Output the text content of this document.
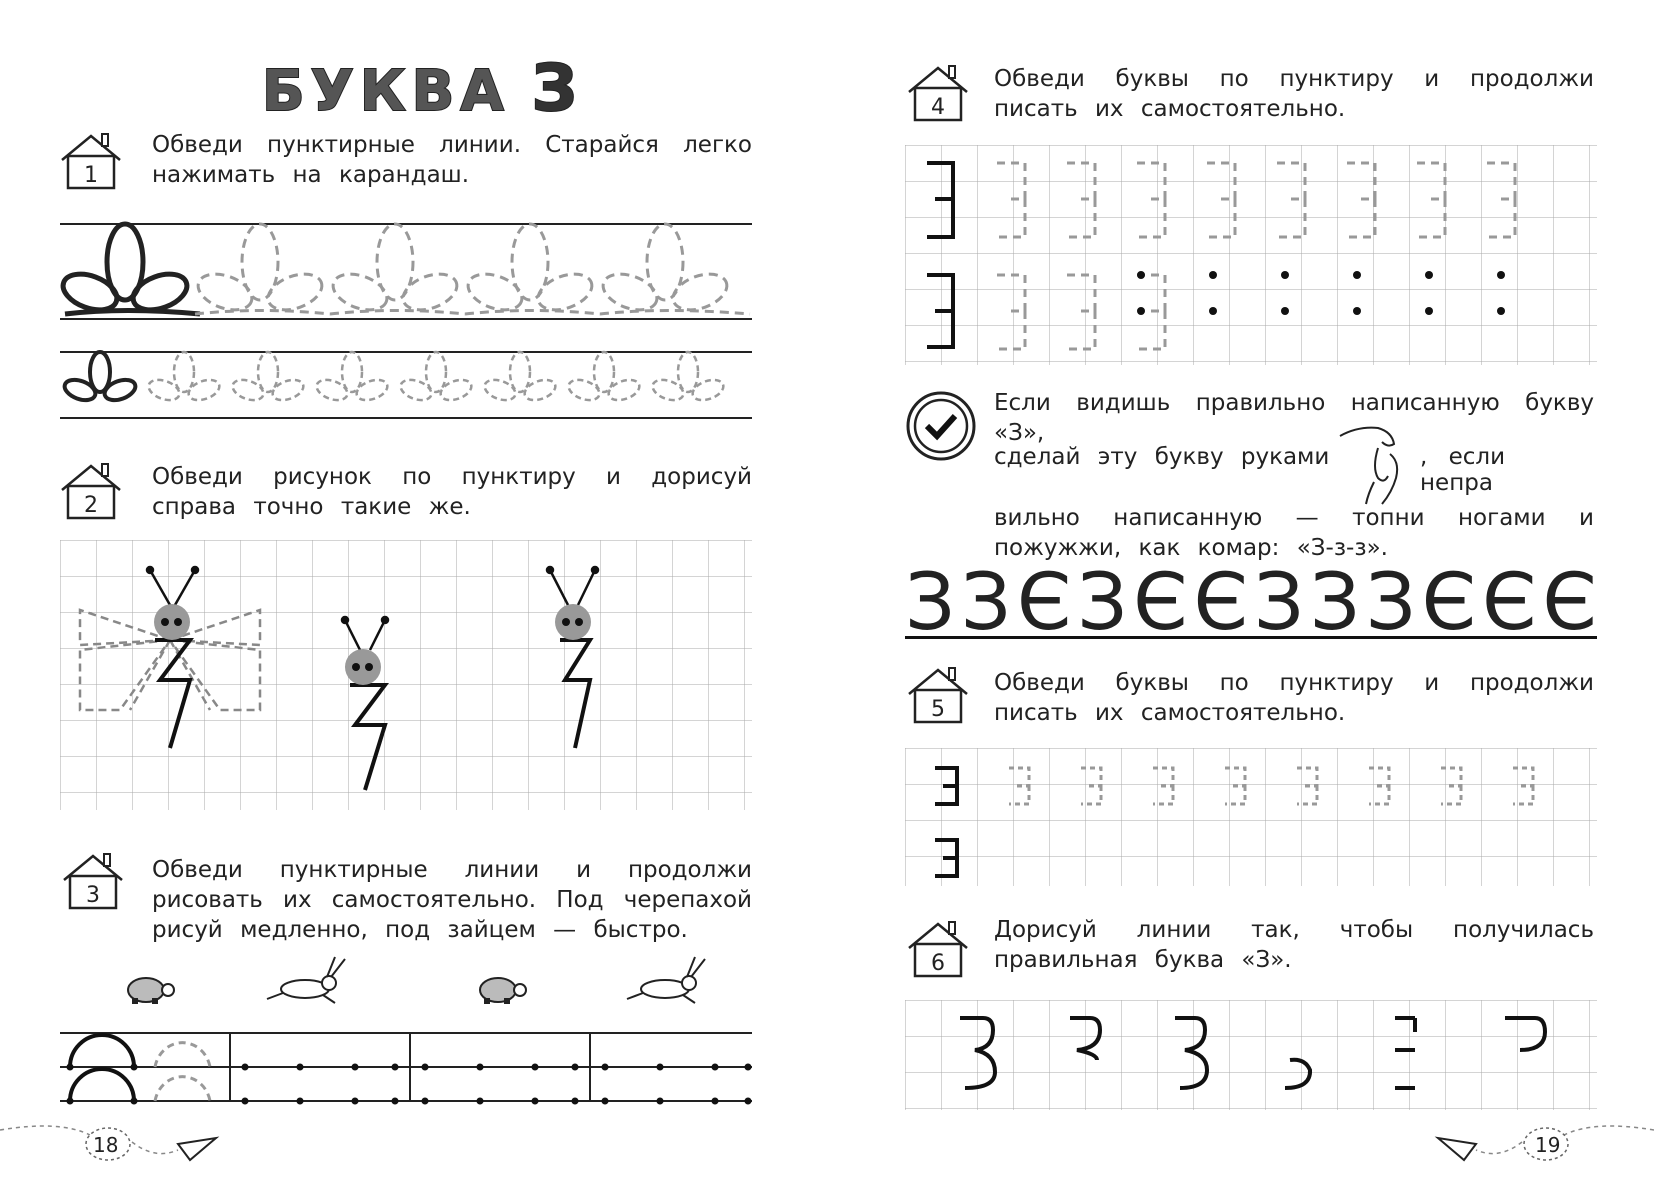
БУКВА З
1
Обведи пунктирные линии. Старайся легко нажимать на карандаш.
2
Обведи рисунок по пунктиру и дорисуй справа точно такие же.
3
Обведи пунктирные линии и продолжи рисовать их самостоятельно. Под черепахой рисуй медленно, под зайцем — быстро.
18
4
Обведи буквы по пунктиру и продолжи писать их самостоятельно.
Если видишь правильно написанную букву «З»,
сделай эту букву руками	, если непра
вильно написанную — топни ногами и пожужжи, как комар: «З-з-з».
З З Є З Є Є З З З Є Є Є
5
Обведи буквы по пунктиру и продолжи писать их самостоятельно.
6
Дорисуй линии так, чтобы получилась правильная буква «З».
19
